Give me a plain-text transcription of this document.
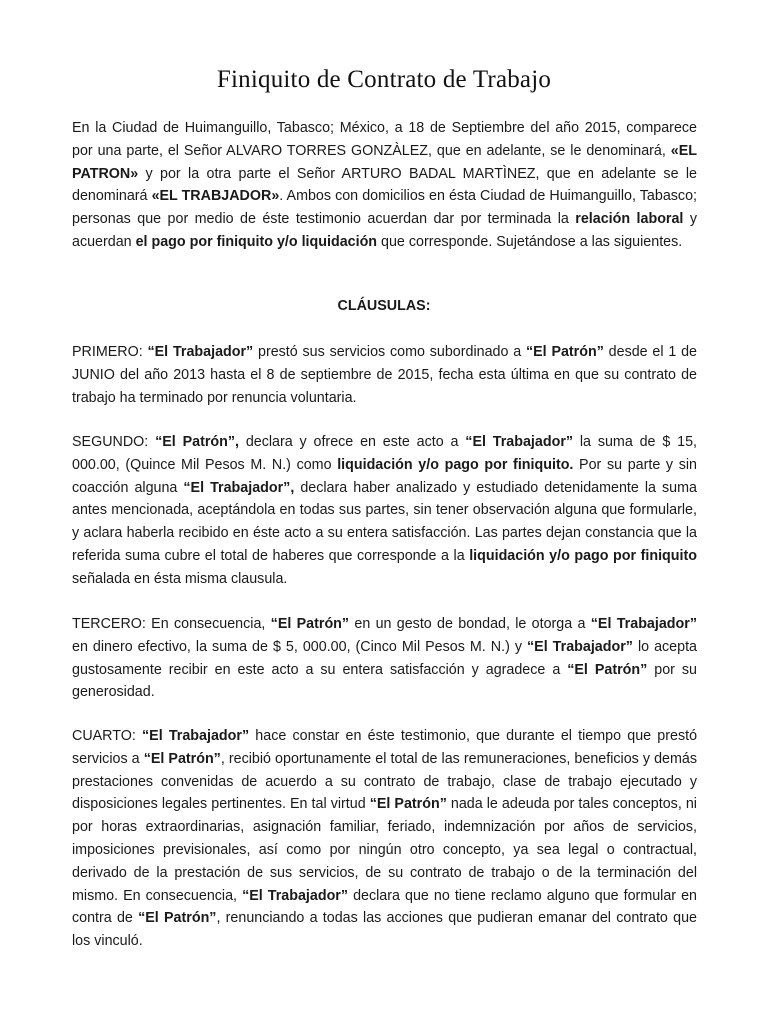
Finiquito de Contrato de Trabajo

En la Ciudad de Huimanguillo, Tabasco; México, a 18 de Septiembre del año 2015, comparece por una parte, el Señor ALVARO TORRES GONZÀLEZ, que en adelante, se le denominará, «EL PATRON» y por la otra parte el Señor ARTURO BADAL MARTÌNEZ, que en adelante se le denominará «EL TRABJADOR». Ambos con domicilios en ésta Ciudad de Huimanguillo, Tabasco; personas que por medio de éste testimonio acuerdan dar por terminada la relación laboral y acuerdan el pago por finiquito y/o liquidación que corresponde. Sujetándose a las siguientes.

CLÁUSULAS:

PRIMERO: “El Trabajador” prestó sus servicios como subordinado a “El Patrón” desde el 1 de JUNIO del año 2013 hasta el 8 de septiembre de 2015, fecha esta última en que su contrato de trabajo ha terminado por renuncia voluntaria.

SEGUNDO: “El Patrón”, declara y ofrece en este acto a “El Trabajador” la suma de $ 15, 000.00, (Quince Mil Pesos M. N.) como liquidación y/o pago por finiquito. Por su parte y sin coacción alguna “El Trabajador”, declara haber analizado y estudiado detenidamente la suma antes mencionada, aceptándola en todas sus partes, sin tener observación alguna que formularle, y aclara haberla recibido en éste acto a su entera satisfacción. Las partes dejan constancia que la referida suma cubre el total de haberes que corresponde a la liquidación y/o pago por finiquito señalada en ésta misma clausula.

TERCERO: En consecuencia, “El Patrón” en un gesto de bondad, le otorga a “El Trabajador” en dinero efectivo, la suma de $ 5, 000.00, (Cinco Mil Pesos M. N.) y “El Trabajador” lo acepta gustosamente recibir en este acto a su entera satisfacción y agradece a “El Patrón” por su generosidad.

CUARTO: “El Trabajador” hace constar en éste testimonio, que durante el tiempo que prestó servicios a “El Patrón”, recibió oportunamente el total de las remuneraciones, beneficios y demás prestaciones convenidas de acuerdo a su contrato de trabajo, clase de trabajo ejecutado y disposiciones legales pertinentes. En tal virtud “El Patrón” nada le adeuda por tales conceptos, ni por horas extraordinarias, asignación familiar, feriado, indemnización por años de servicios, imposiciones previsionales, así como por ningún otro concepto, ya sea legal o contractual, derivado de la prestación de sus servicios, de su contrato de trabajo o de la terminación del mismo. En consecuencia, “El Trabajador” declara que no tiene reclamo alguno que formular en contra de “El Patrón”, renunciando a todas las acciones que pudieran emanar del contrato que los vinculó.
